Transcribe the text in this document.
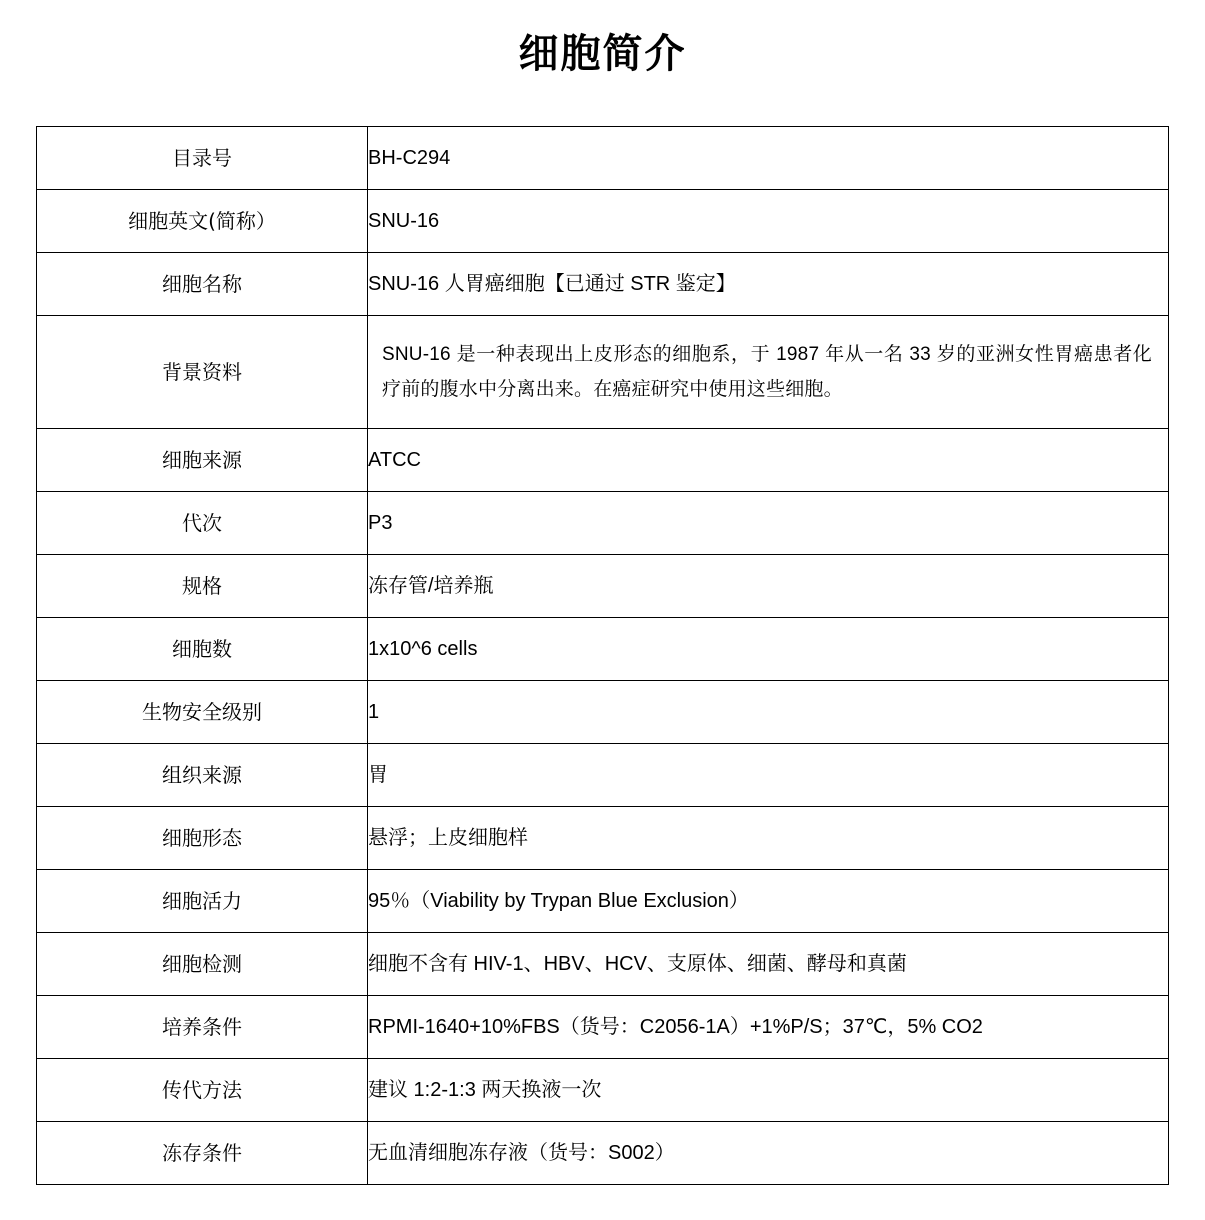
细胞简介
目录号	BH-C294
细胞英文(简称）	SNU-16
细胞名称	SNU-16 人胃癌细胞【已通过 STR 鉴定】
背景资料	SNU-16 是一种表现出上皮形态的细胞系，于 1987 年从一名 33 岁的亚洲女性胃癌患者化疗前的腹水中分离出来。在癌症研究中使用这些细胞。
细胞来源	ATCC
代次	P3
规格	冻存管/培养瓶
细胞数	1x10^6 cells
生物安全级别	1
组织来源	胃
细胞形态	悬浮；上皮细胞样
细胞活力	95％（Viability by Trypan Blue Exclusion）
细胞检测	细胞不含有 HIV-1、HBV、HCV、支原体、细菌、酵母和真菌
培养条件	RPMI-1640+10%FBS（货号：C2056-1A）+1%P/S；37℃，5% CO2
传代方法	建议 1:2-1:3 两天换液一次
冻存条件	无血清细胞冻存液（货号：S002）
